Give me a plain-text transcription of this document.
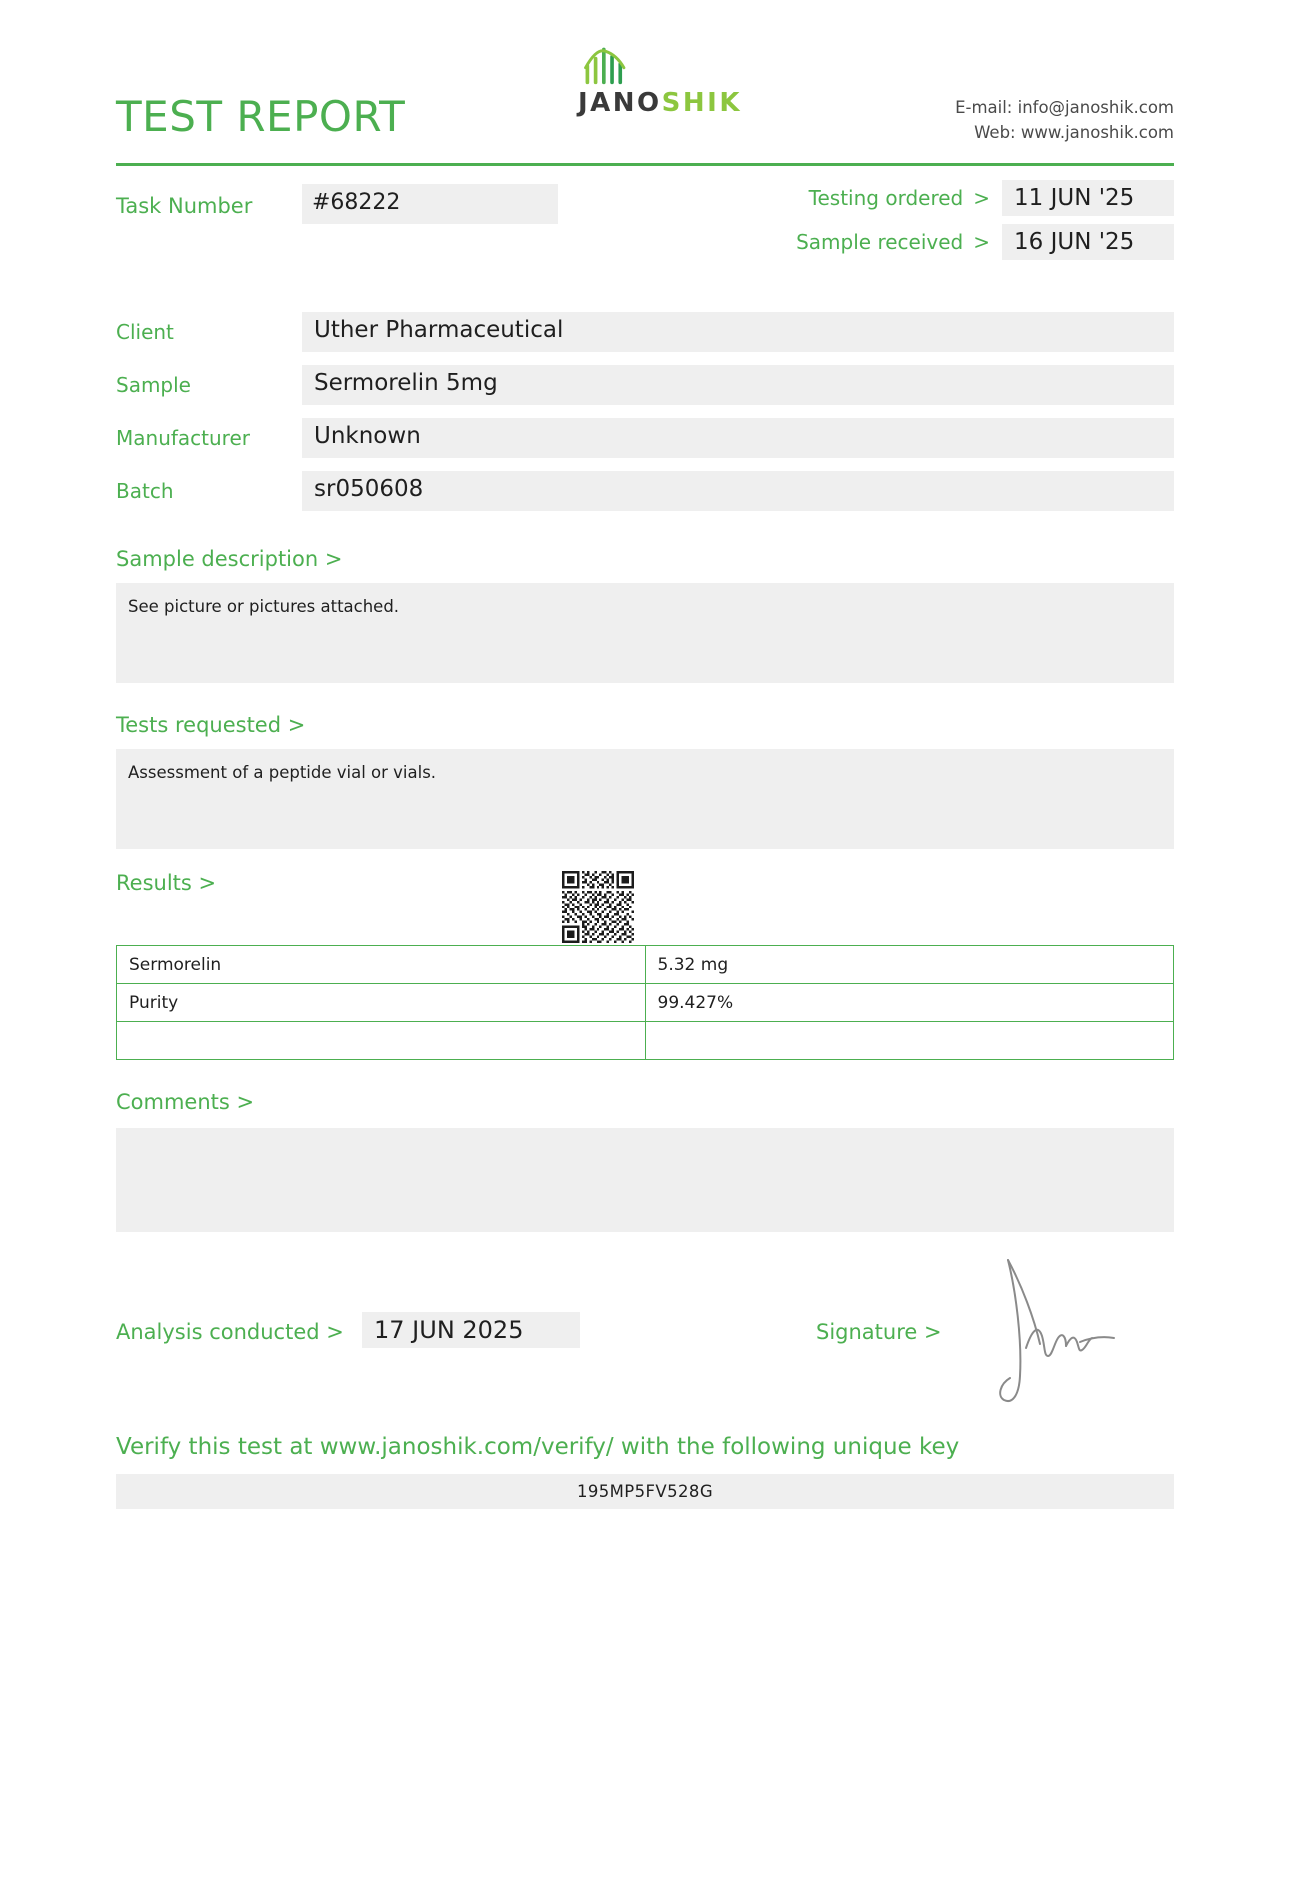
TEST REPORT	JANOSHIK	E-mail: info@janoshik.com
Web: www.janoshik.com
Task Number	#68222	Testing ordered >	11 JUN '25
Sample received >	16 JUN '25
Client	Uther Pharmaceutical
Sample	Sermorelin 5mg
Manufacturer	Unknown
Batch	sr050608
Sample description >
See picture or pictures attached.
Tests requested >
Assessment of a peptide vial or vials.
Results >
Sermorelin	5.32 mg
Purity	99.427%

Comments >
Analysis conducted >	17 JUN 2025	Signature >
Verify this test at www.janoshik.com/verify/ with the following unique key
195MP5FV528G
